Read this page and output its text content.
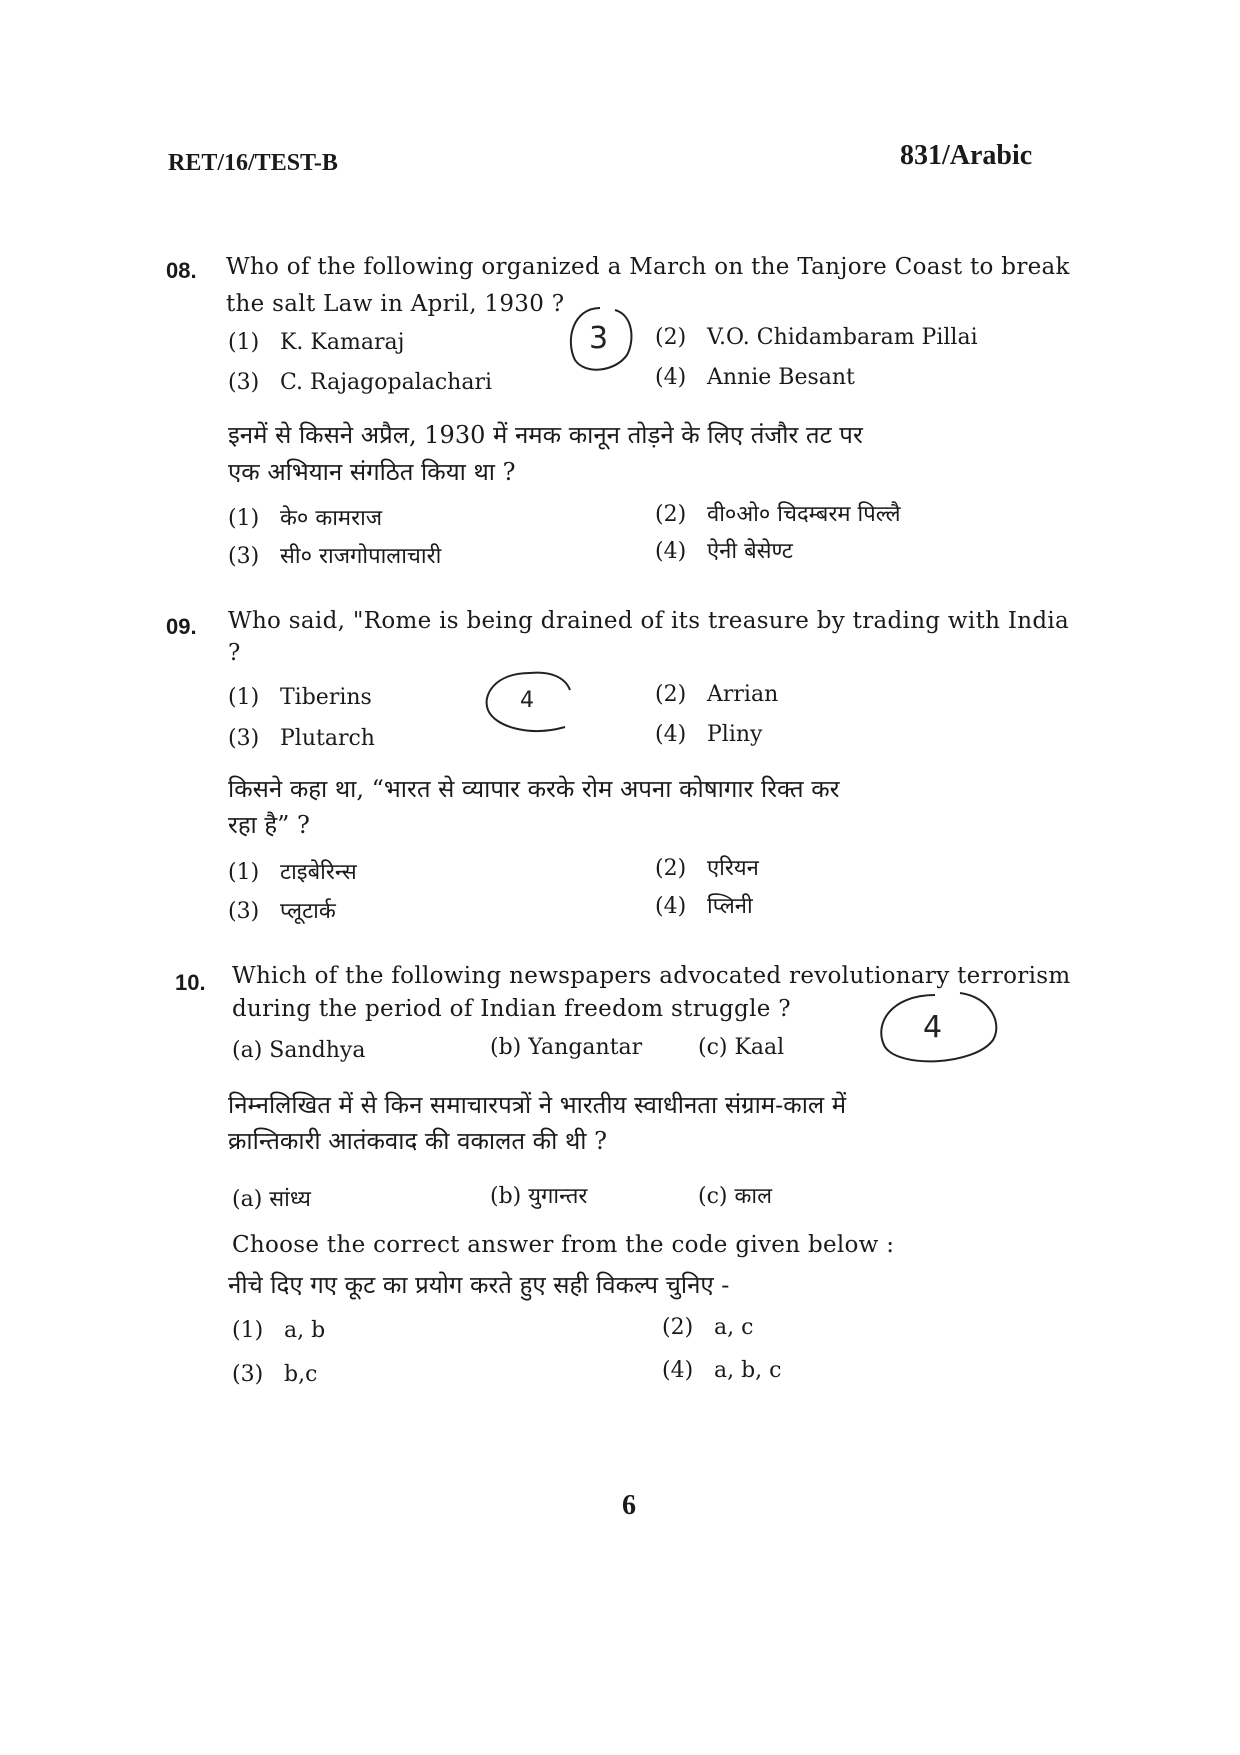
RET/16/TEST-B	831/Arabic
08. Who of the following organized a March on the Tanjore Coast to break
the salt Law in April, 1930 ?
(1) K. Kamaraj	(2) V.O. Chidambaram Pillai
(3) C. Rajagopalachari	(4) Annie Besant
इनमें से किसने अप्रैल, 1930 में नमक कानून तोड़ने के लिए तंजौर तट पर
एक अभियान संगठित किया था ?
(1) के० कामराज	(2) वी०ओ० चिदम्बरम पिल्लै
(3) सी० राजगोपालाचारी	(4) ऐनी बेसेण्ट
3
09. Who said, "Rome is being drained of its treasure by trading with India
?
(1) Tiberins	(2) Arrian
(3) Plutarch	(4) Pliny
किसने कहा था, “भारत से व्यापार करके रोम अपना कोषागार रिक्त कर
रहा है” ?
(1) टाइबेरिन्स	(2) एरियन
(3) प्लूटार्क	(4) प्लिनी
4
10. Which of the following newspapers advocated revolutionary terrorism
during the period of Indian freedom struggle ?
(a) Sandhya	(b) Yangantar	(c) Kaal
4
निम्नलिखित में से किन समाचारपत्रों ने भारतीय स्वाधीनता संग्राम-काल में
क्रान्तिकारी आतंकवाद की वकालत की थी ?
(a) सांध्य	(b) युगान्तर	(c) काल
Choose the correct answer from the code given below :
नीचे दिए गए कूट का प्रयोग करते हुए सही विकल्प चुनिए -
(1) a, b	(2) a, c
(3) b,c	(4) a, b, c
6
